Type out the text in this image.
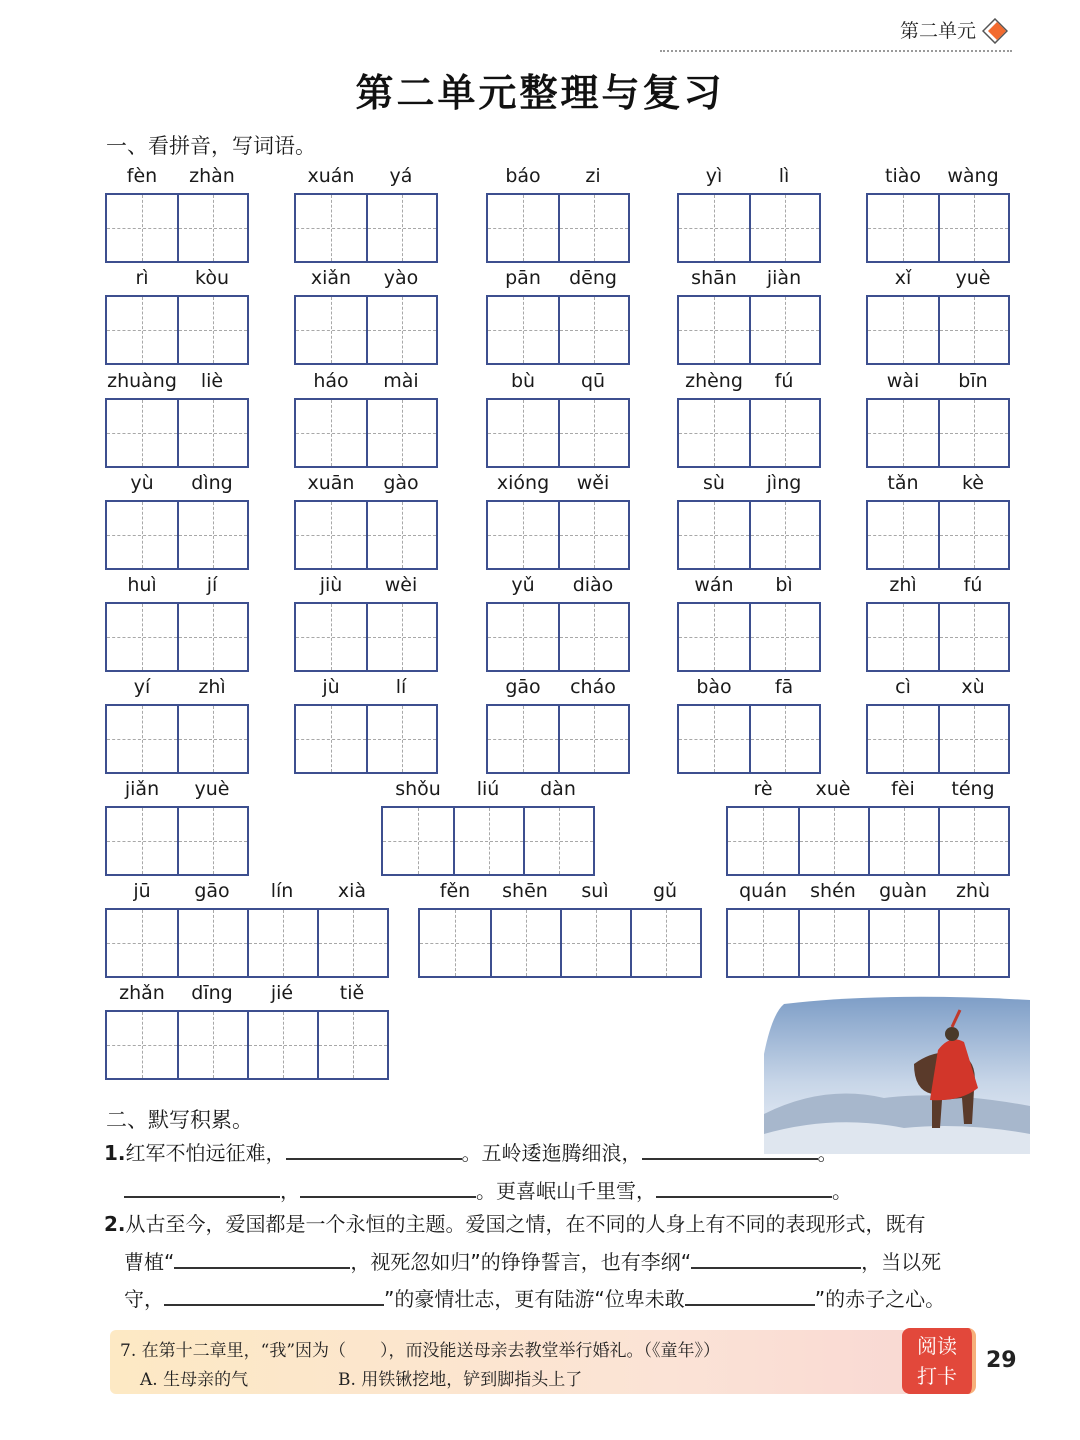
第二单元
第二单元整理与复习
一、看拼音，写词语。
fèn	zhàn	xuán	yá	báo	zi	yì	lì	tiào	wàng
rì	kòu	xiǎn	yào	pān	dēng	shān	jiàn	xǐ	yuè
zhuàng	liè	háo	mài	bù	qū	zhèng	fú	wài	bīn
yù	dìng	xuān	gào	xióng	wěi	sù	jìng	tǎn	kè
huì	jí	jiù	wèi	yǔ	diào	wán	bì	zhì	fú
yí	zhì	jù	lí	gāo	cháo	bào	fā	cì	xù
jiǎn	yuè	shǒu	liú	dàn	rè	xuè	fèi	téng
jū	gāo	lín	xià	fěn	shēn	suì	gǔ	quán	shén	guàn	zhù
zhǎn	dīng	jié	tiě
二、默写积累。
1.红军不怕远征难，	。五岭逶迤腾细浪，	。
，	。更喜岷山千里雪，	。
2.从古至今，爱国都是一个永恒的主题。爱国之情，在不同的人身上有不同的表现形式，既有
曹植“	，视死忽如归”的铮铮誓言，也有李纲“	，当以死
守，	”的豪情壮志，更有陆游“位卑未敢	”的赤子之心。
7. 在第十二章里，“我”因为（　　），而没能送母亲去教堂举行婚礼。（《童年》）
A. 生母亲的气	B. 用铁锹挖地，铲到脚指头上了
阅读
打卡
29
